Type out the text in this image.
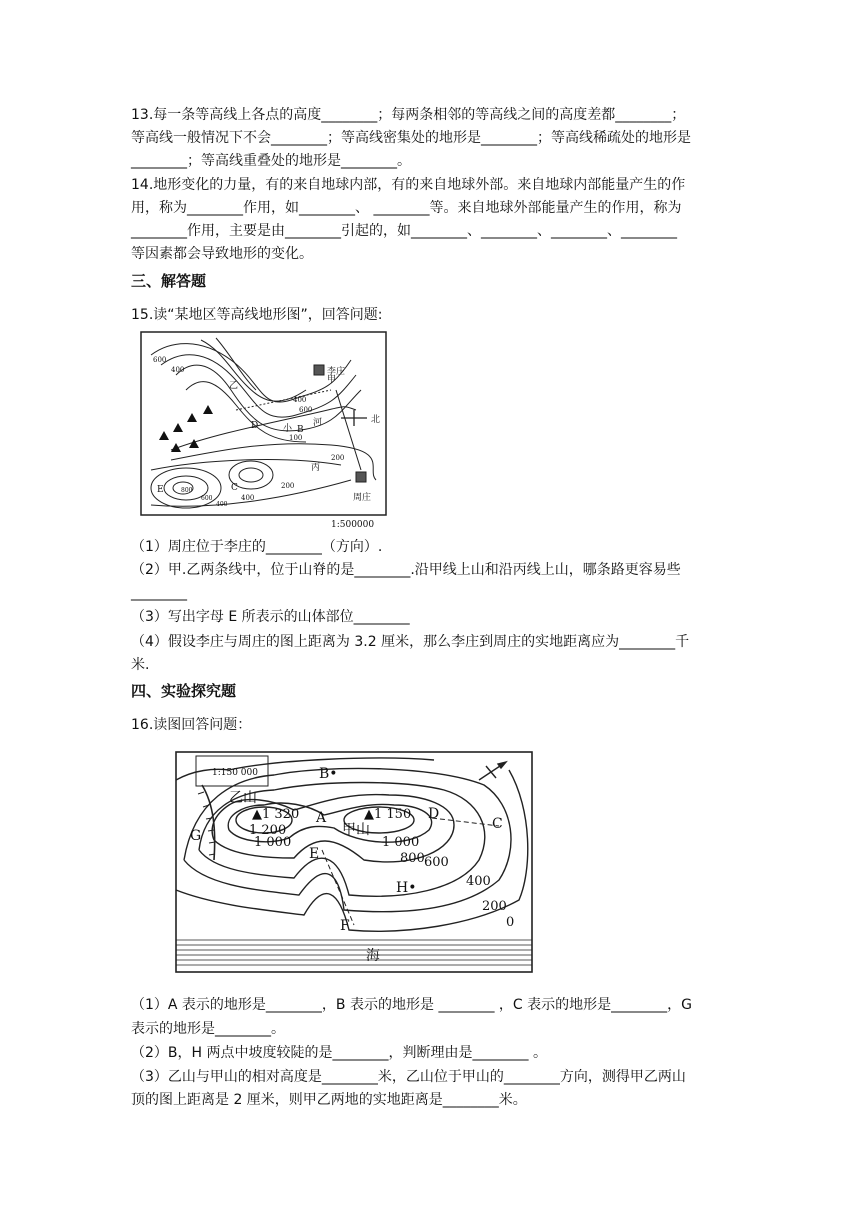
13.每一条等高线上各点的高度________；每两条相邻的等高线之间的高度差都________；
等高线一般情况下不会________；等高线密集处的地形是________；等高线稀疏处的地形是
________；等高线重叠处的地形是________。
14.地形变化的力量，有的来自地球内部，有的来自地球外部。来自地球内部能量产生的作
用，称为________作用，如________、 ________等。来自地球外部能量产生的作用，称为
________作用，主要是由________引起的，如________、________、________、________
等因素都会导致地形的变化。
三、解答题
15.读“某地区等高线地形图”，回答问题:
李庄
周庄
乙
甲
丙
河
小
D	B
C
E
北
600
400
400
600
100
400
200
800
600
400
200
1:500000
（1）周庄位于李庄的________（方向）.
（2）甲.乙两条线中，位于山脊的是________.沿甲线上山和沿丙线上山，哪条路更容易些
________
（3）写出字母 E 所表示的山体部位________
（4）假设李庄与周庄的图上距离为 3.2 厘米，那么李庄到周庄的实地距离应为________千
米.
四、实验探究题
16.读图回答问题：
1:150 000	B•
乙山
▲1 320
1 200
A	▲1 150
甲山
D
C
G	1 000	1 000
E	800 600
H•	400
200
0
F
海
（1）A 表示的地形是________，B 表示的地形是 ________ ，C 表示的地形是________，G
表示的地形是________。
（2）B，H 两点中坡度较陡的是________，判断理由是________ 。
（3）乙山与甲山的相对高度是________米，乙山位于甲山的________方向，测得甲乙两山
顶的图上距离是 2 厘米，则甲乙两地的实地距离是________米。
